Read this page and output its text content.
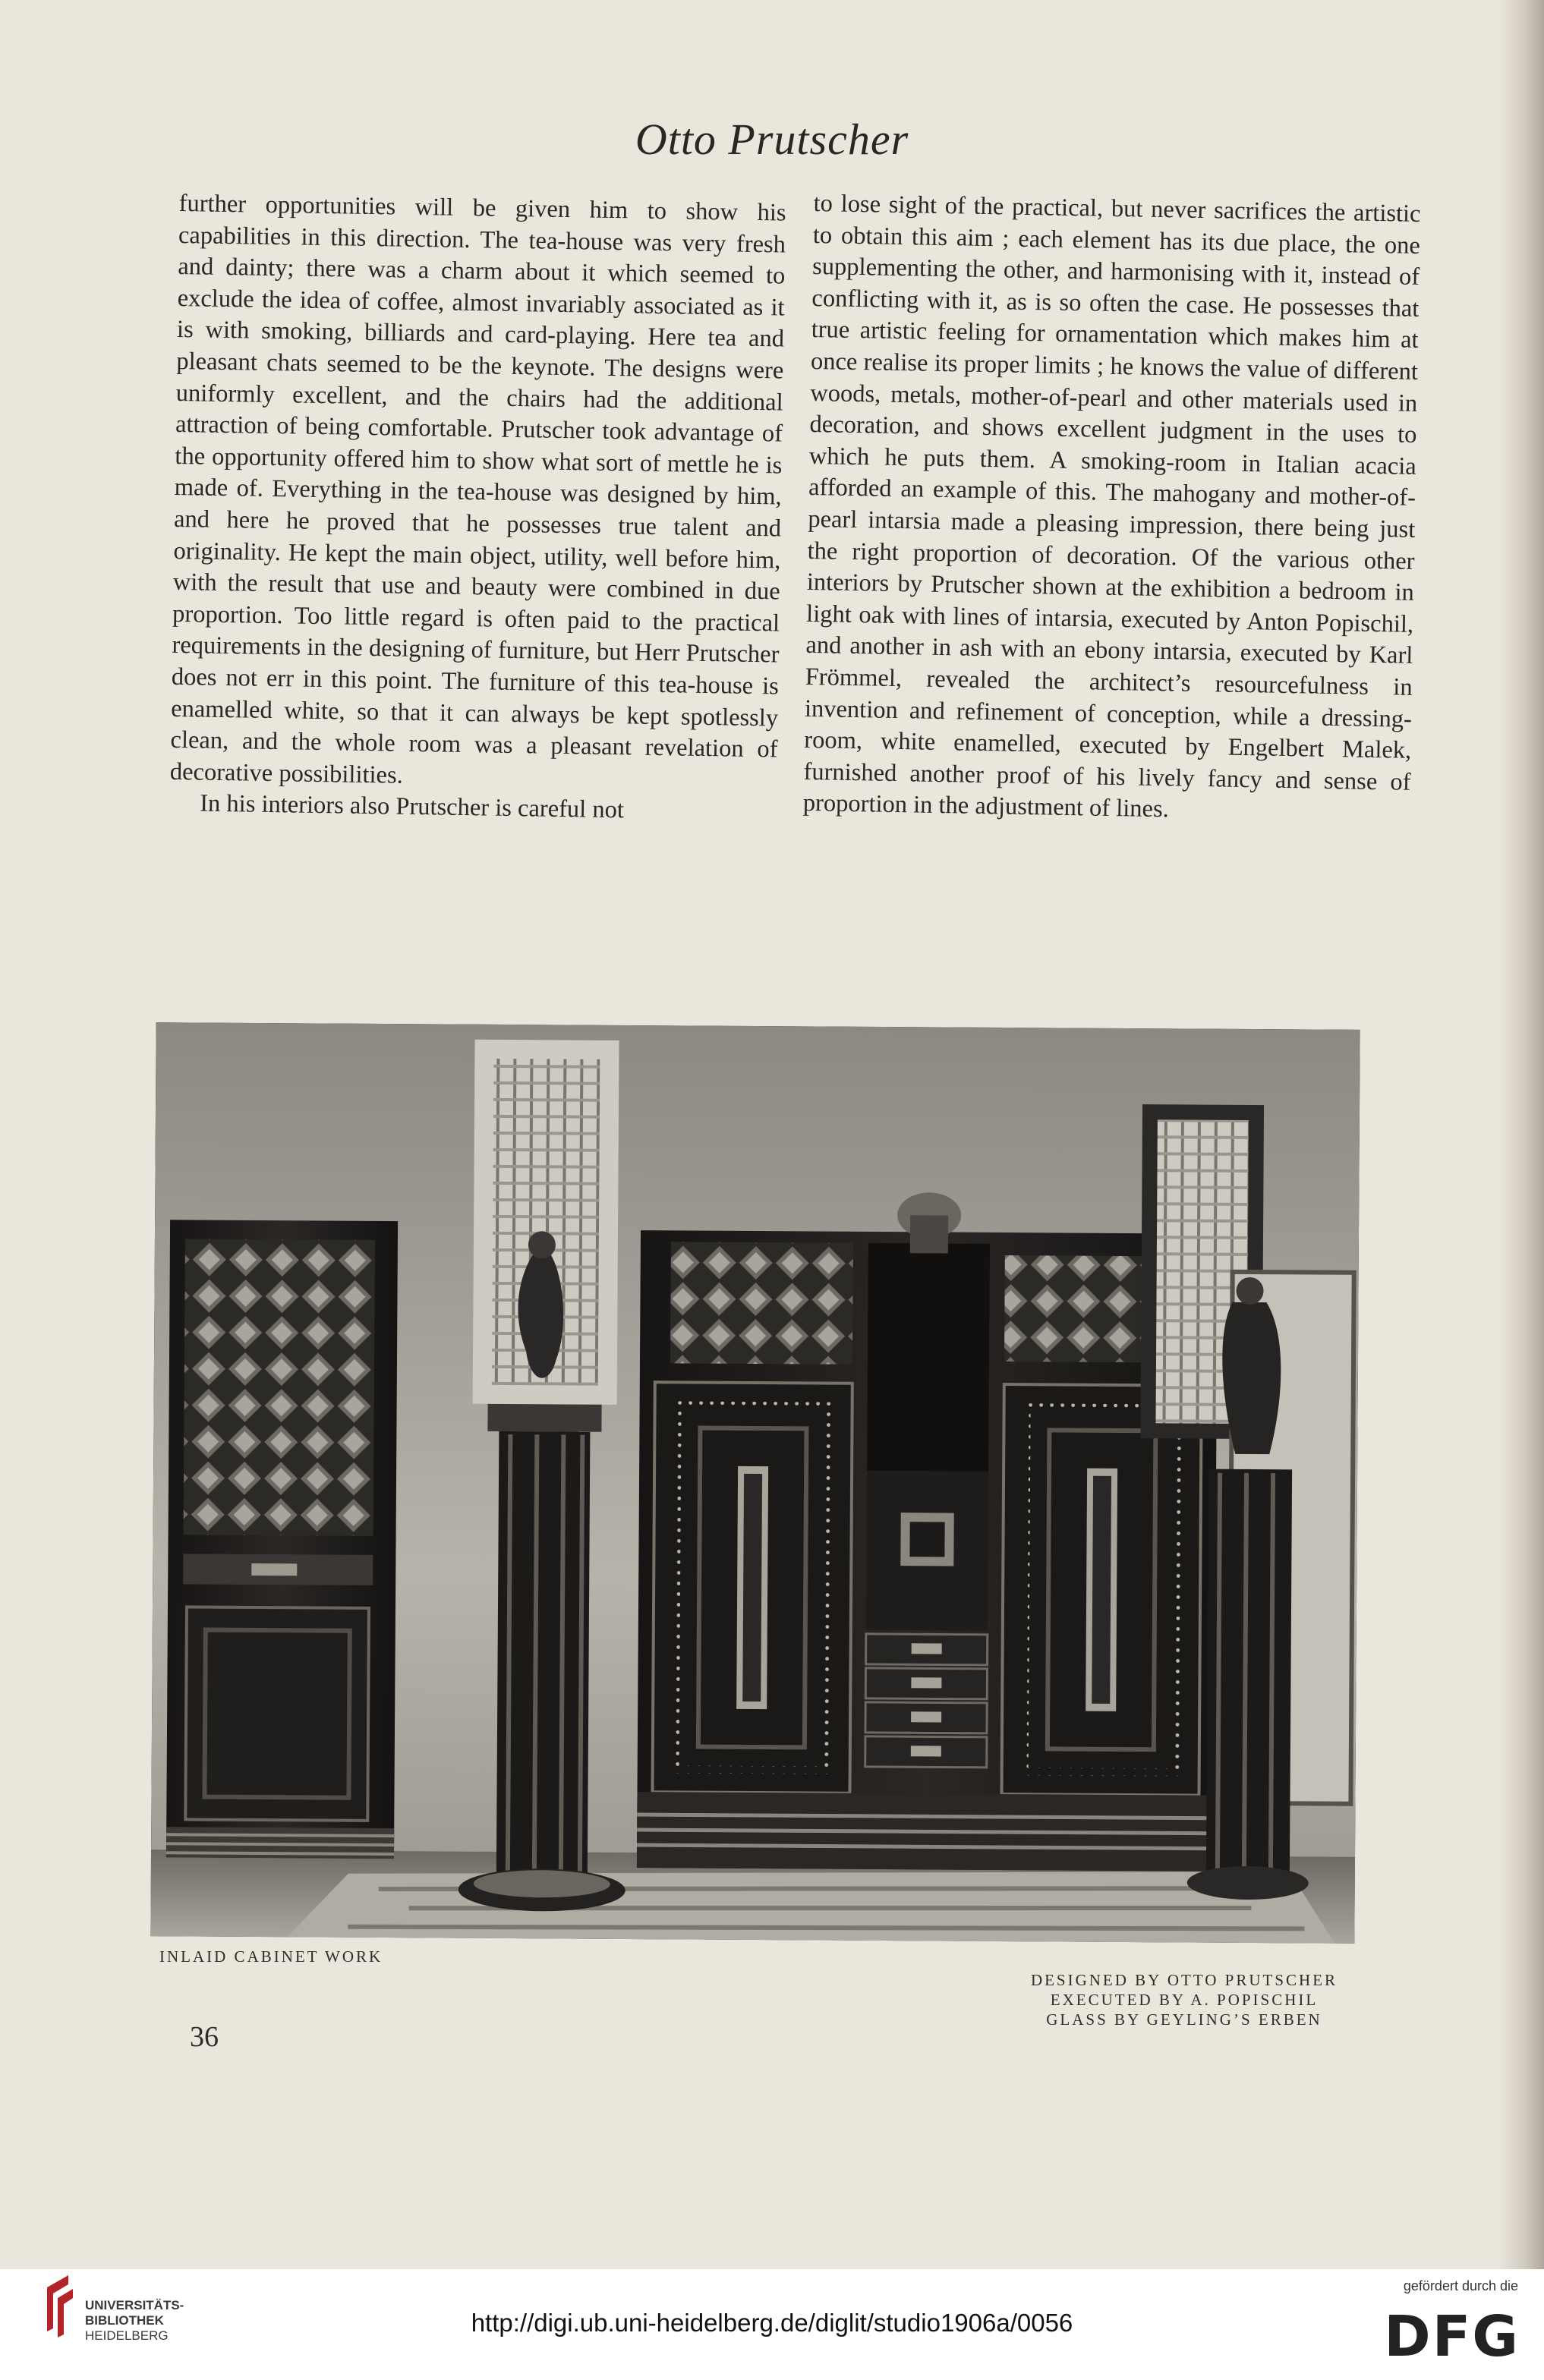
Otto Prutscher

further opportunities will be given him to show his capabilities in this direction. The tea-house was very fresh and dainty; there was a charm about it which seemed to exclude the idea of coffee, almost invariably associated as it is with smoking, billiards and card-playing. Here tea and pleasant chats seemed to be the keynote. The designs were uniformly excellent, and the chairs had the additional attraction of being comfortable. Prutscher took advantage of the opportunity offered him to show what sort of mettle he is made of. Everything in the tea-house was designed by him, and here he proved that he possesses true talent and originality. He kept the main object, utility, well before him, with the result that use and beauty were combined in due proportion. Too little regard is often paid to the practical requirements in the designing of furniture, but Herr Prutscher does not err in this point. The furniture of this tea-house is enamelled white, so that it can always be kept spotlessly clean, and the whole room was a pleasant revelation of decorative possibilities.

In his interiors also Prutscher is careful not

to lose sight of the practical, but never sacrifices the artistic to obtain this aim ; each element has its due place, the one supplementing the other, and harmonising with it, instead of conflicting with it, as is so often the case. He possesses that true artistic feeling for ornamentation which makes him at once realise its proper limits ; he knows the value of different woods, metals, mother-of-pearl and other materials used in decoration, and shows excellent judgment in the uses to which he puts them. A smoking-room in Italian acacia afforded an example of this. The mahogany and mother-of-pearl intarsia made a pleasing impression, there being just the right proportion of decoration. Of the various other interiors by Prutscher shown at the exhibition a bedroom in light oak with lines of intarsia, executed by Anton Popischil, and another in ash with an ebony intarsia, executed by Karl Frömmel, revealed the architect’s resourcefulness in invention and refinement of conception, while a dressing-room, white enamelled, executed by Engelbert Malek, furnished another proof of his lively fancy and sense of proportion in the adjustment of lines.

INLAID CABINET WORK
DESIGNED BY OTTO PRUTSCHER
EXECUTED BY A. POPISCHIL
GLASS BY GEYLING’S ERBEN
36
UNIVERSITÄTS-
BIBLIOTHEK
HEIDELBERG	http://digi.ub.uni-heidelberg.de/diglit/studio1906a/0056
gefördert durch die
DFG
